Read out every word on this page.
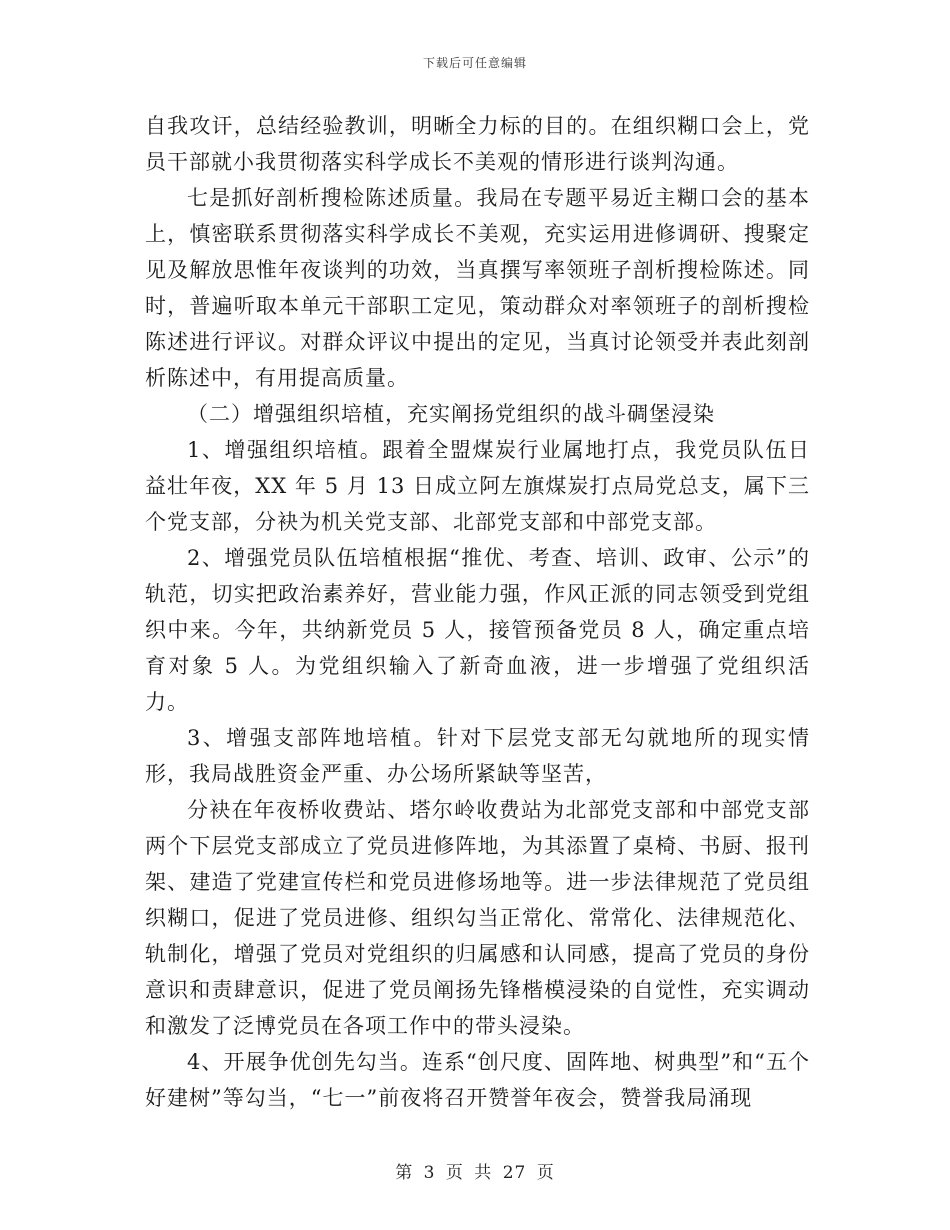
下载后可任意编辑

自我攻讦，总结经验教训，明晰全力标的目的。在组织糊口会上，党员干部就小我贯彻落实科学成长不美观的情形进行谈判沟通。

七是抓好剖析搜检陈述质量。我局在专题平易近主糊口会的基本上，慎密联系贯彻落实科学成长不美观，充实运用进修调研、搜聚定见及解放思惟年夜谈判的功效，当真撰写率领班子剖析搜检陈述。同时，普遍听取本单元干部职工定见，策动群众对率领班子的剖析搜检陈述进行评议。对群众评议中提出的定见，当真讨论领受并表此刻剖析陈述中，有用提高质量。

（二）增强组织培植，充实阐扬党组织的战斗碉堡浸染

1、增强组织培植。跟着全盟煤炭行业属地打点，我党员队伍日益壮年夜，XX 年 5 月 13 日成立阿左旗煤炭打点局党总支，属下三个党支部，分袂为机关党支部、北部党支部和中部党支部。

2、增强党员队伍培植根据“推优、考查、培训、政审、公示”的轨范，切实把政治素养好，营业能力强，作风正派的同志领受到党组织中来。今年，共纳新党员 5 人，接管预备党员 8 人，确定重点培育对象 5 人。为党组织输入了新奇血液，进一步增强了党组织活力。

3、增强支部阵地培植。针对下层党支部无勾就地所的现实情形，我局战胜资金严重、办公场所紧缺等坚苦，

分袂在年夜桥收费站、塔尔岭收费站为北部党支部和中部党支部两个下层党支部成立了党员进修阵地，为其添置了桌椅、书厨、报刊架、建造了党建宣传栏和党员进修场地等。进一步法律规范了党员组织糊口，促进了党员进修、组织勾当正常化、常常化、法律规范化、轨制化，增强了党员对党组织的归属感和认同感，提高了党员的身份意识和责肆意识，促进了党员阐扬先锋楷模浸染的自觉性，充实调动和激发了泛博党员在各项工作中的带头浸染。

4、开展争优创先勾当。连系“创尺度、固阵地、树典型”和“五个好建树”等勾当，“七一”前夜将召开赞誉年夜会，赞誉我局涌现

第 3 页 共 27 页
